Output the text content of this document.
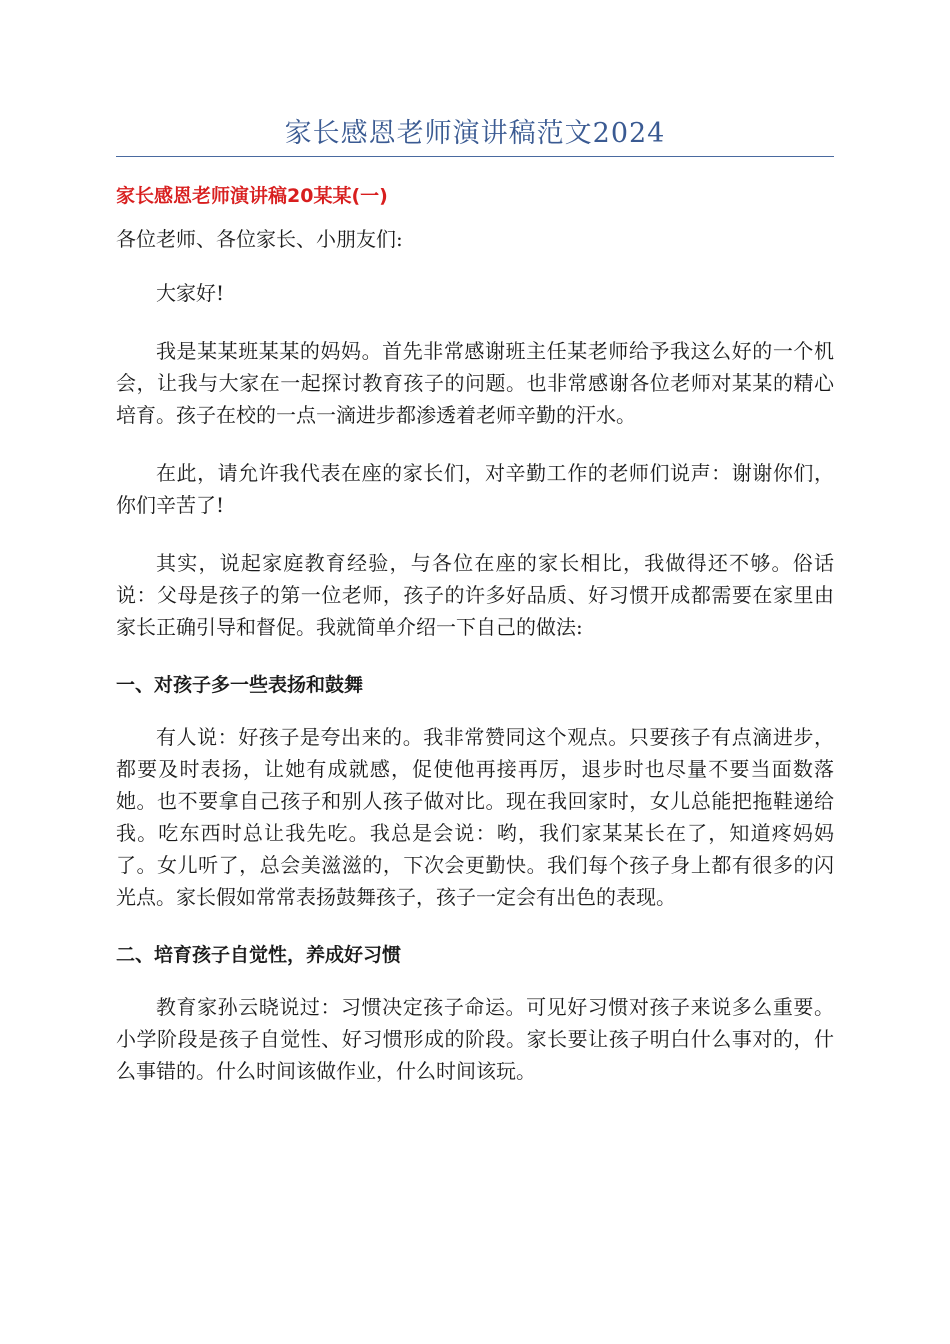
家长感恩老师演讲稿范文2024
家长感恩老师演讲稿20某某(一)
各位老师、各位家长、小朋友们:

大家好!

我是某某班某某的妈妈。首先非常感谢班主任某老师给予我这么好的一个机会，让我与大家在一起探讨教育孩子的问题。也非常感谢各位老师对某某的精心培育。孩子在校的一点一滴进步都渗透着老师辛勤的汗水。

在此，请允许我代表在座的家长们，对辛勤工作的老师们说声：谢谢你们，你们辛苦了!

其实，说起家庭教育经验，与各位在座的家长相比，我做得还不够。俗话说：父母是孩子的第一位老师，孩子的许多好品质、好习惯开成都需要在家里由家长正确引导和督促。我就简单介绍一下自己的做法:

一、对孩子多一些表扬和鼓舞

有人说：好孩子是夸出来的。我非常赞同这个观点。只要孩子有点滴进步，都要及时表扬，让她有成就感，促使他再接再厉，退步时也尽量不要当面数落她。也不要拿自己孩子和别人孩子做对比。现在我回家时，女儿总能把拖鞋递给我。吃东西时总让我先吃。我总是会说：哟，我们家某某长在了，知道疼妈妈了。女儿听了，总会美滋滋的，下次会更勤快。我们每个孩子身上都有很多的闪光点。家长假如常常表扬鼓舞孩子，孩子一定会有出色的表现。

二、培育孩子自觉性，养成好习惯

教育家孙云晓说过：习惯决定孩子命运。可见好习惯对孩子来说多么重要。小学阶段是孩子自觉性、好习惯形成的阶段。家长要让孩子明白什么事对的，什么事错的。什么时间该做作业，什么时间该玩。
